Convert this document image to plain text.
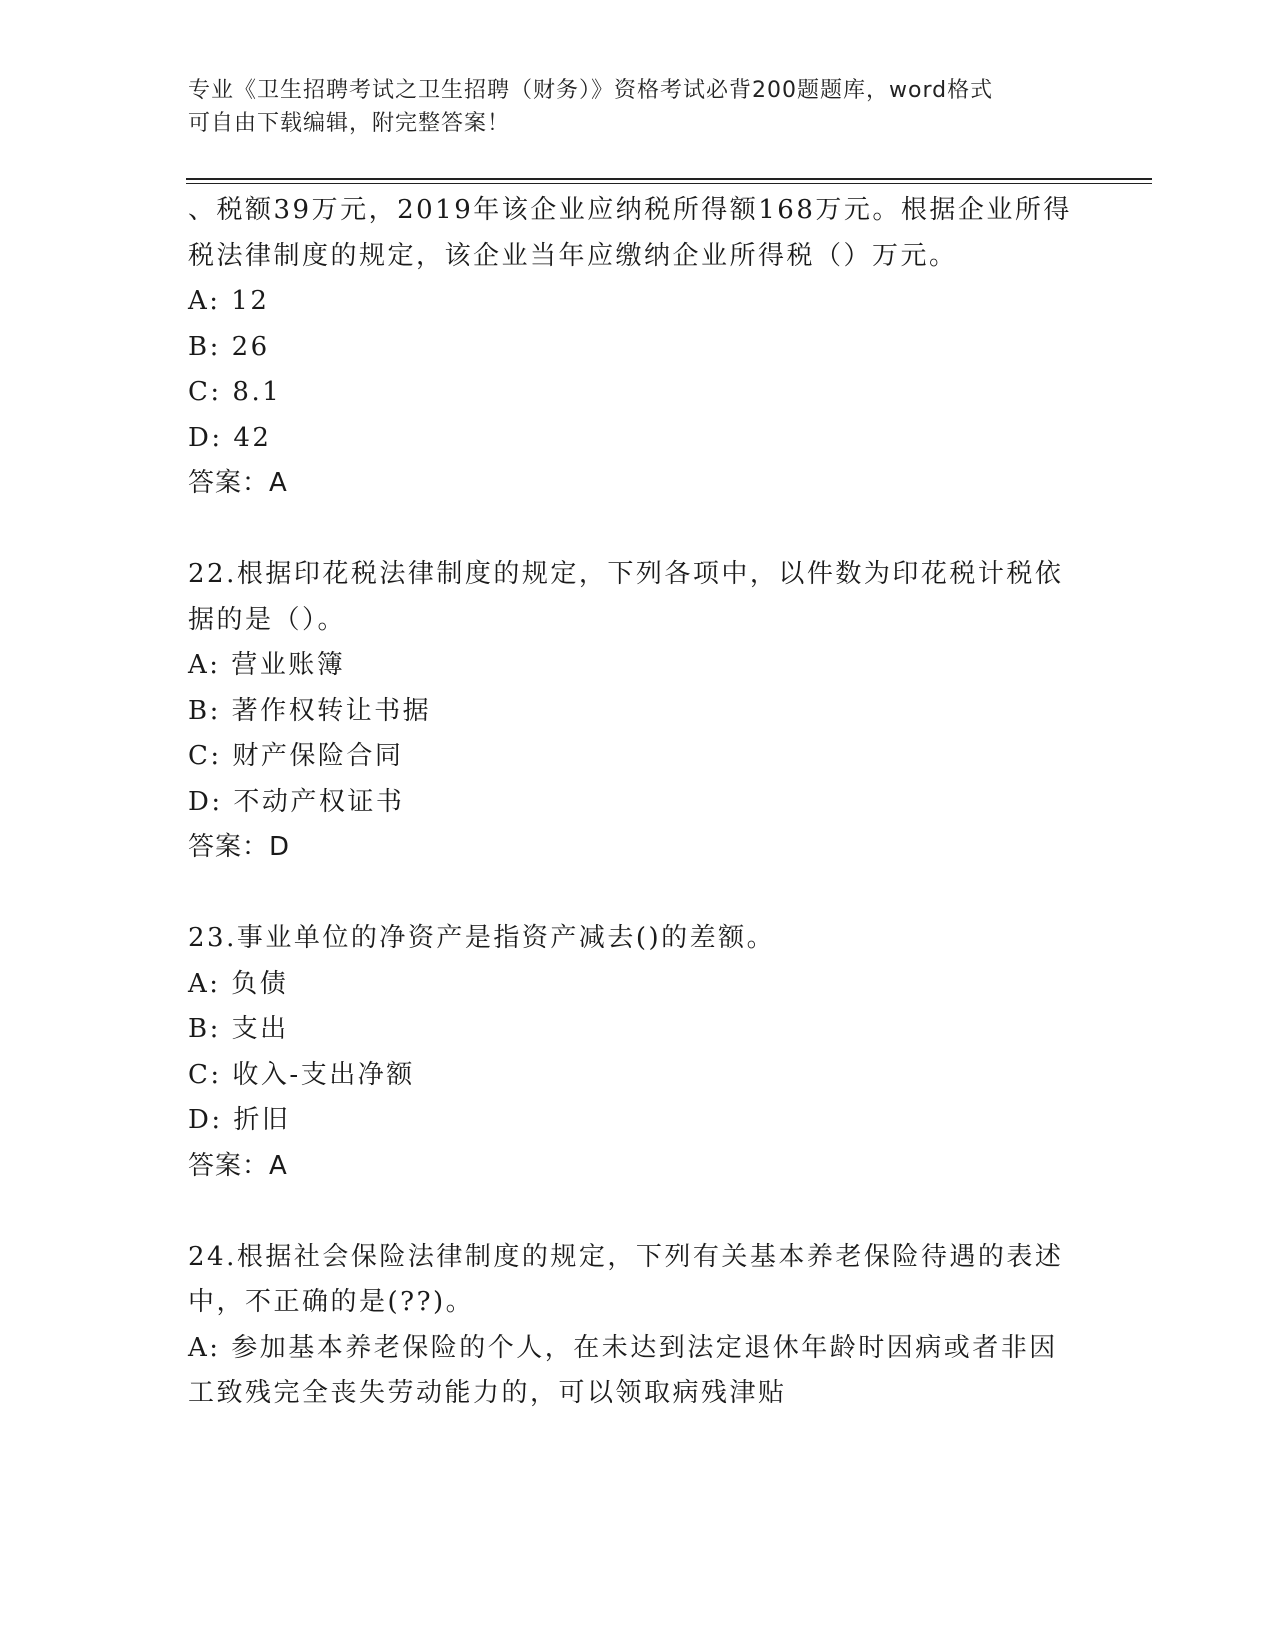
专业《卫生招聘考试之卫生招聘（财务）》资格考试必背200题题库，word格式
可自由下载编辑，附完整答案！
、税额39万元，2019年该企业应纳税所得额168万元。根据企业所得
税法律制度的规定，该企业当年应缴纳企业所得税（）万元。
A: 12
B: 26
C: 8.1
D: 42
答案：A
22.根据印花税法律制度的规定，下列各项中，以件数为印花税计税依
据的是（）。
A: 营业账簿
B: 著作权转让书据
C: 财产保险合同
D: 不动产权证书
答案：D
23.事业单位的净资产是指资产减去()的差额。
A: 负债
B: 支出
C: 收入-支出净额
D: 折旧
答案：A
24.根据社会保险法律制度的规定，下列有关基本养老保险待遇的表述
中，不正确的是(??)。
A: 参加基本养老保险的个人，在未达到法定退休年龄时因病或者非因
工致残完全丧失劳动能力的，可以领取病残津贴
